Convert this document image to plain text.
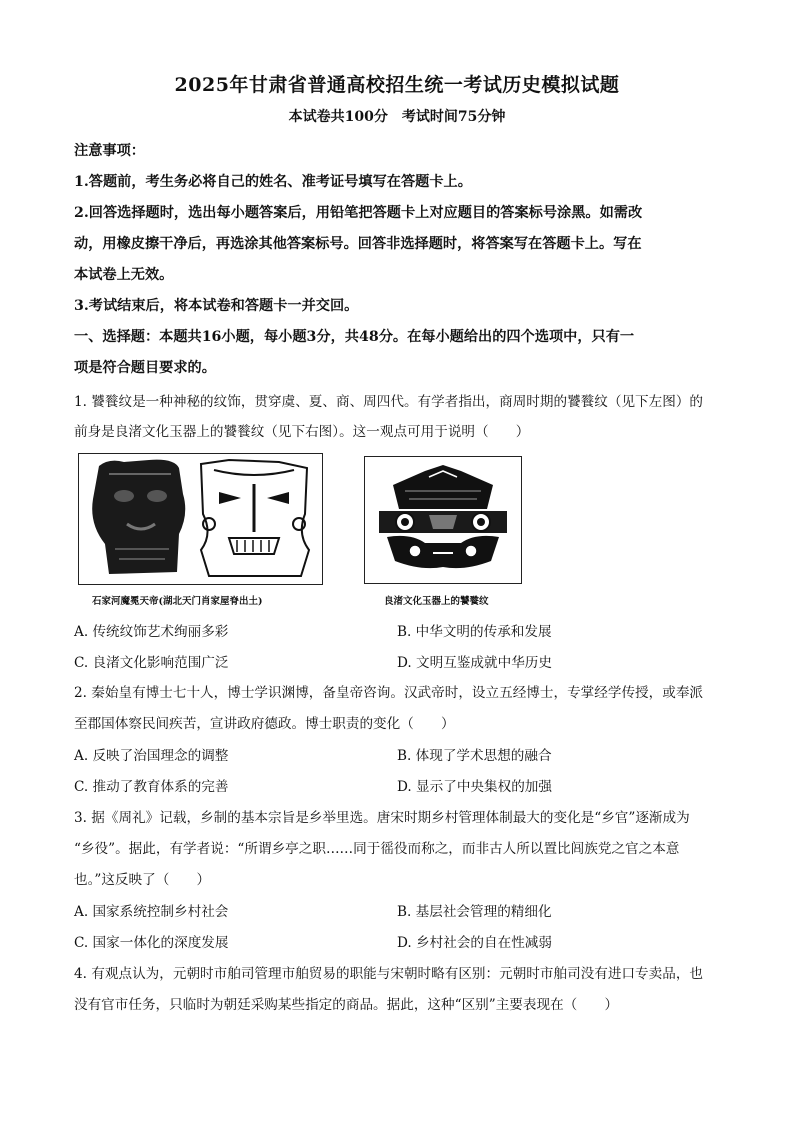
2025年甘肃省普通高校招生统一考试历史模拟试题
本试卷共100分　考试时间75分钟
注意事项：
1.答题前，考生务必将自己的姓名、准考证号填写在答题卡上。
2.回答选择题时，选出每小题答案后，用铅笔把答题卡上对应题目的答案标号涂黑。如需改
动，用橡皮擦干净后，再选涂其他答案标号。回答非选择题时，将答案写在答题卡上。写在
本试卷上无效。
3.考试结束后，将本试卷和答题卡一并交回。
一、选择题：本题共16小题，每小题3分，共48分。在每小题给出的四个选项中，只有一
项是符合题目要求的。
1. 饕餮纹是一种神秘的纹饰，贯穿虞、夏、商、周四代。有学者指出，商周时期的饕餮纹（见下左图）的
前身是良渚文化玉器上的饕餮纹（见下右图）。这一观点可用于说明（　　）
石家河魔冕天帝(湖北天门肖家屋脊出土)	良渚文化玉器上的饕餮纹
A. 传统纹饰艺术绚丽多彩	B. 中华文明的传承和发展
C. 良渚文化影响范围广泛	D. 文明互鉴成就中华历史
2. 秦始皇有博士七十人，博士学识渊博，备皇帝咨询。汉武帝时，设立五经博士，专掌经学传授，或奉派
至郡国体察民间疾苦，宣讲政府德政。博士职责的变化（　　）
A. 反映了治国理念的调整	B. 体现了学术思想的融合
C. 推动了教育体系的完善	D. 显示了中央集权的加强
3. 据《周礼》记载，乡制的基本宗旨是乡举里选。唐宋时期乡村管理体制最大的变化是“乡官”逐渐成为
“乡役”。据此，有学者说：“所谓乡亭之职……同于徭役而称之，而非古人所以置比闾族党之官之本意
也。”这反映了（　　）
A. 国家系统控制乡村社会	B. 基层社会管理的精细化
C. 国家一体化的深度发展	D. 乡村社会的自在性减弱
4. 有观点认为，元朝时市舶司管理市舶贸易的职能与宋朝时略有区别：元朝时市舶司没有进口专卖品，也
没有官市任务，只临时为朝廷采购某些指定的商品。据此，这种“区别”主要表现在（　　）
